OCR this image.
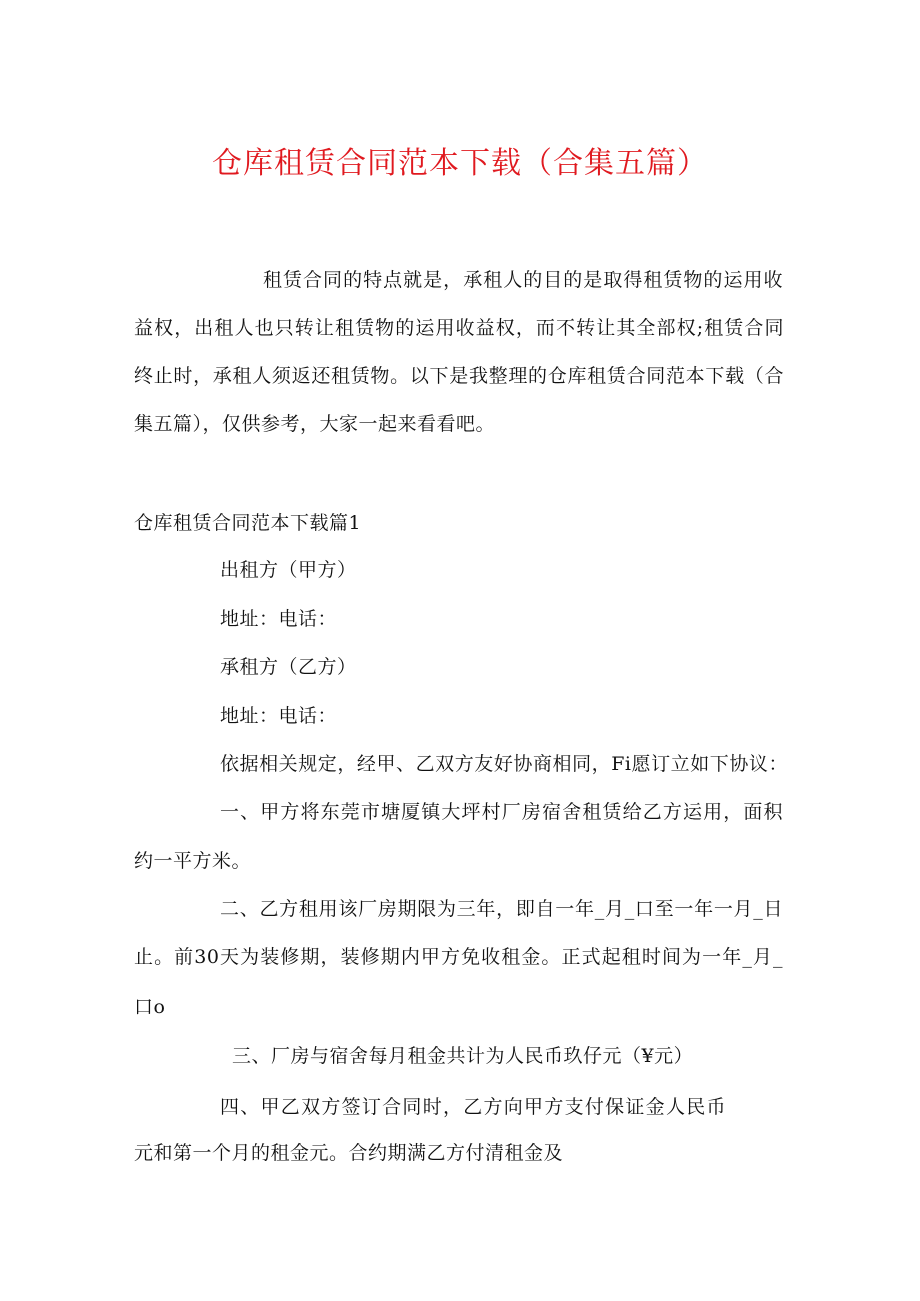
仓库租赁合同范本下载（合集五篇）
租赁合同的特点就是，承租人的目的是取得租赁物的运用收
益权，出租人也只转让租赁物的运用收益权，而不转让其全部权;租赁合同
终止时，承租人须返还租赁物。以下是我整理的仓库租赁合同范本下载（合
集五篇），仅供参考，大家一起来看看吧。
仓库租赁合同范本下载篇1
出租方（甲方）
地址：电话：
承租方（乙方）
地址：电话：
依据相关规定，经甲、乙双方友好协商相同，Fi愿订立如下协议：
一、甲方将东莞市塘厦镇大坪村厂房宿舍租赁给乙方运用，面积
约一平方米。
二、乙方租用该厂房期限为三年，即自一年_月_口至一年一月_日
止。前30天为装修期，装修期内甲方免收租金。正式起租时间为一年_月_
口o
三、厂房与宿舍每月租金共计为人民币玖仔元（¥元）
四、甲乙双方签订合同时，乙方向甲方支付保证金人民币
元和第一个月的租金元。合约期满乙方付清租金及
